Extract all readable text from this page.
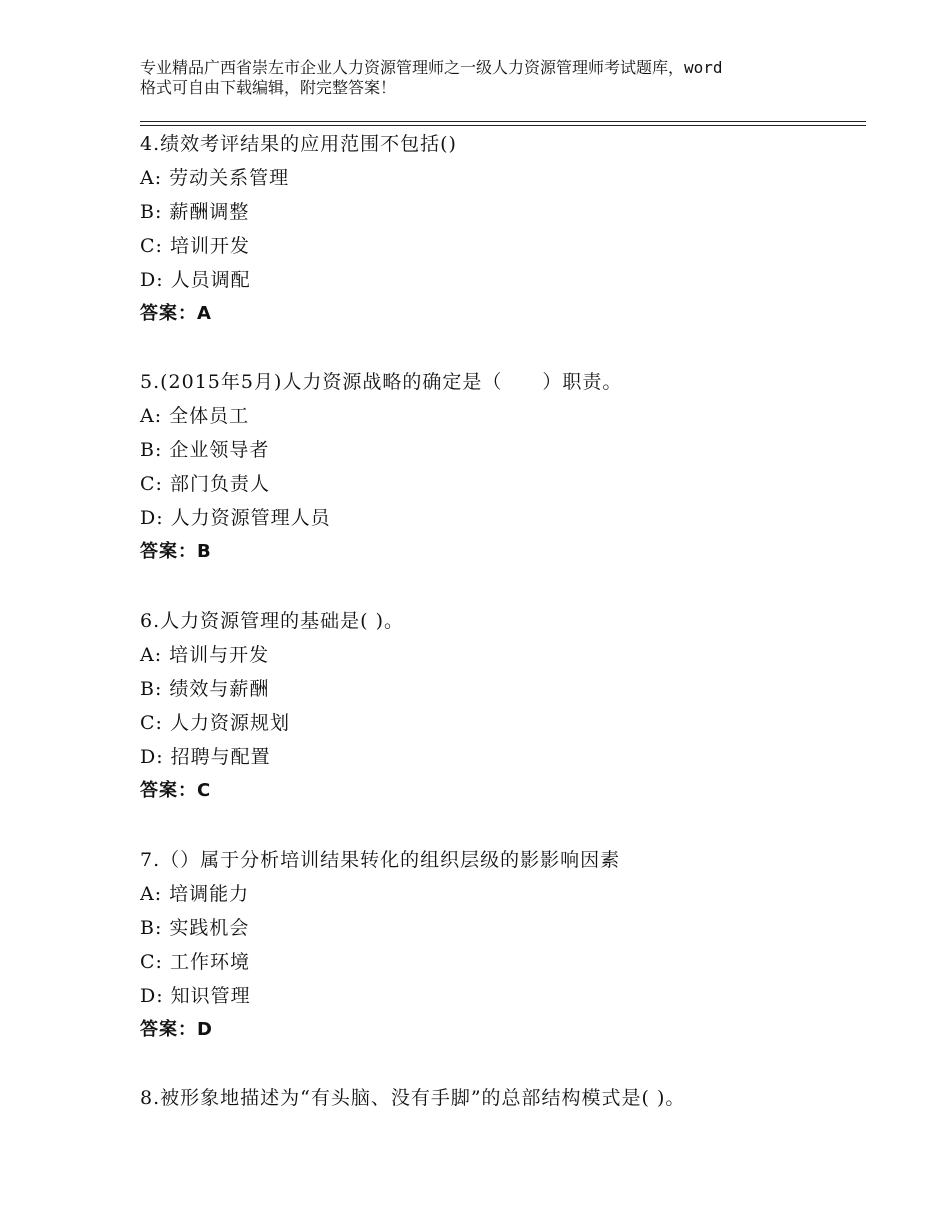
专业精品广西省崇左市企业人力资源管理师之一级人力资源管理师考试题库，word
格式可自由下载编辑，附完整答案！
4.绩效考评结果的应用范围不包括()
A: 劳动关系管理
B: 薪酬调整
C: 培训开发
D: 人员调配
答案：A
5.(2015年5月)人力资源战略的确定是（　　）职责。
A: 全体员工
B: 企业领导者
C: 部门负责人
D: 人力资源管理人员
答案：B
6.人力资源管理的基础是( )。
A: 培训与开发
B: 绩效与薪酬
C: 人力资源规划
D: 招聘与配置
答案：C
7.（）属于分析培训结果转化的组织层级的影影响因素
A: 培调能力
B: 实践机会
C: 工作环境
D: 知识管理
答案：D
8.被形象地描述为“有头脑、没有手脚”的总部结构模式是( )。
